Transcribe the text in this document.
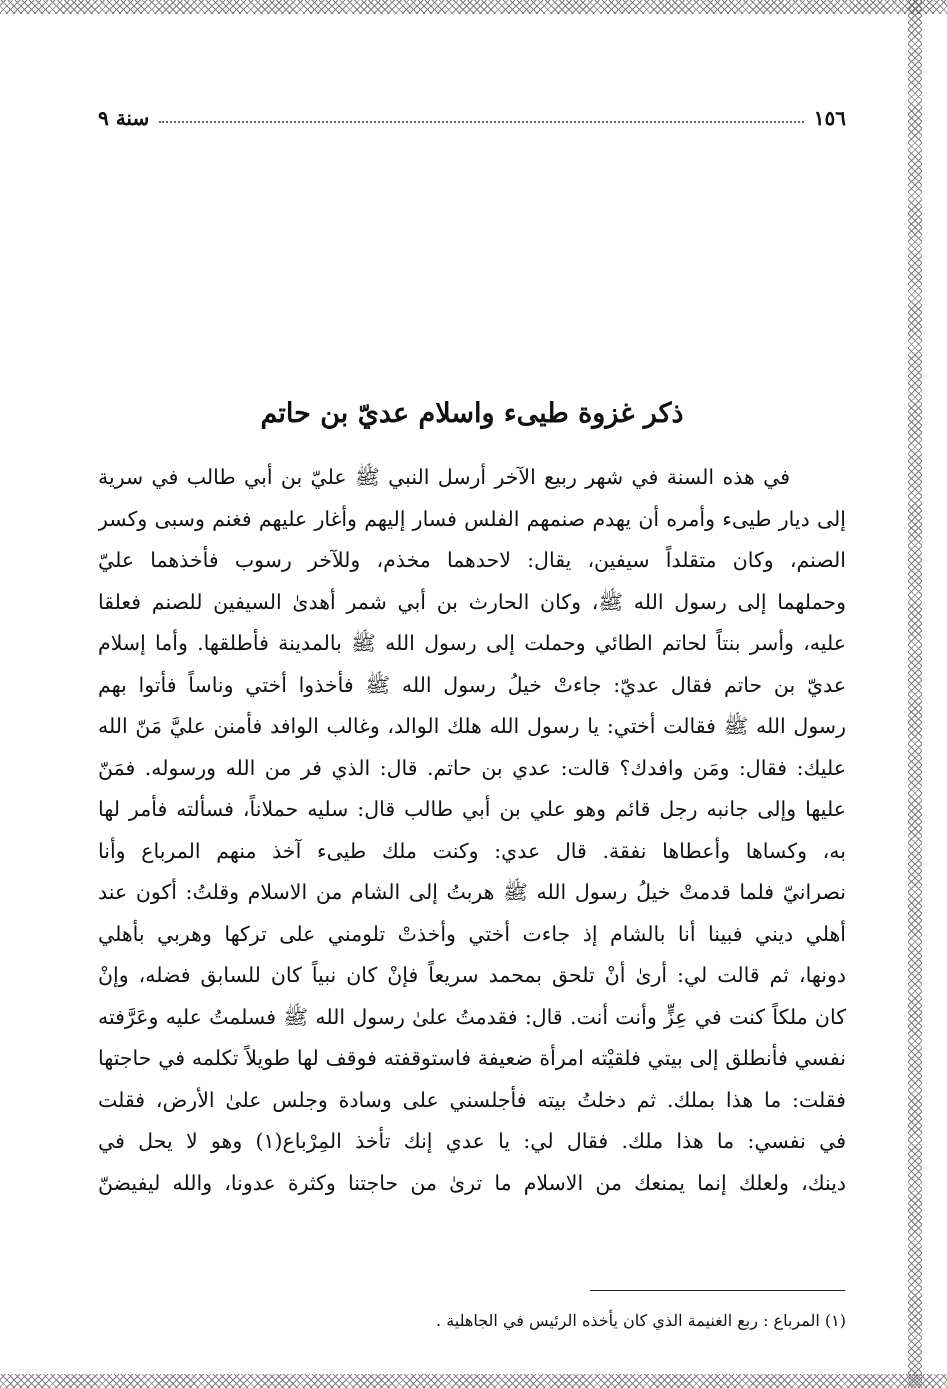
١٥٦
سنة ٩
ذكر غزوة طيىء واسلام عديّ بن حاتم
في هذه السنة في شهر ربيع الآخر أرسل النبي ﷺ عليّ بن أبي طالب في سرية
إلى ديار طيىء وأمره أن يهدم صنمهم الفلس فسار إليهم وأغار عليهم فغنم وسبى وكسر
الصنم، وكان متقلداً سيفين، يقال: لاحدهما مخذم، وللآخر رسوب فأخذهما عليّ
وحملهما إلى رسول الله ﷺ، وكان الحارث بن أبي شمر أهدىٰ السيفين للصنم فعلقا
عليه، وأسر بنتاً لحاتم الطائي وحملت إلى رسول الله ﷺ بالمدينة فأطلقها. وأما إسلام
عديّ بن حاتم فقال عديّ: جاءتْ خيلُ رسول الله ﷺ فأخذوا أختي وناساً فأتوا بهم
رسول الله ﷺ فقالت أختي: يا رسول الله هلك الوالد، وغالب الوافد فأمنن عليَّ مَنّ الله
عليك: فقال: ومَن وافدك؟ قالت: عدي بن حاتم. قال: الذي فر من الله ورسوله. فمَنّ
عليها وإلى جانبه رجل قائم وهو علي بن أبي طالب قال: سليه حملاناً، فسألته فأمر لها
به، وكساها وأعطاها نفقة. قال عدي: وكنت ملك طيىء آخذ منهم المرباع وأنا
نصرانيّ فلما قدمتْ خيلُ رسول الله ﷺ هربتُ إلى الشام من الاسلام وقلتُ: أكون عند
أهلي ديني فبينا أنا بالشام إذ جاءت أختي وأخذتْ تلومني على تركها وهربي بأهلي
دونها، ثم قالت لي: أرىٰ أنْ تلحق بمحمد سريعاً فإنْ كان نبياً كان للسابق فضله، وإنْ
كان ملكاً كنت في عِزٍّ وأنت أنت. قال: فقدمتُ علىٰ رسول الله ﷺ فسلمتُ عليه وعَرَّفته
نفسي فأنطلق إلى بيتي فلقيْته امرأة ضعيفة فاستوقفته فوقف لها طويلاً تكلمه في حاجتها
فقلت: ما هذا بملك. ثم دخلتُ بيته فأجلسني على وسادة وجلس علىٰ الأرض، فقلت
في نفسي: ما هذا ملك. فقال لي: يا عدي إنك تأخذ المِرْباع(١) وهو لا يحل في
دينك، ولعلك إنما يمنعك من الاسلام ما ترىٰ من حاجتنا وكثرة عدونا، والله ليفيضنّ
(١) المرباع : ربع الغنيمة الذي كان يأخذه الرئيس في الجاهلية .
